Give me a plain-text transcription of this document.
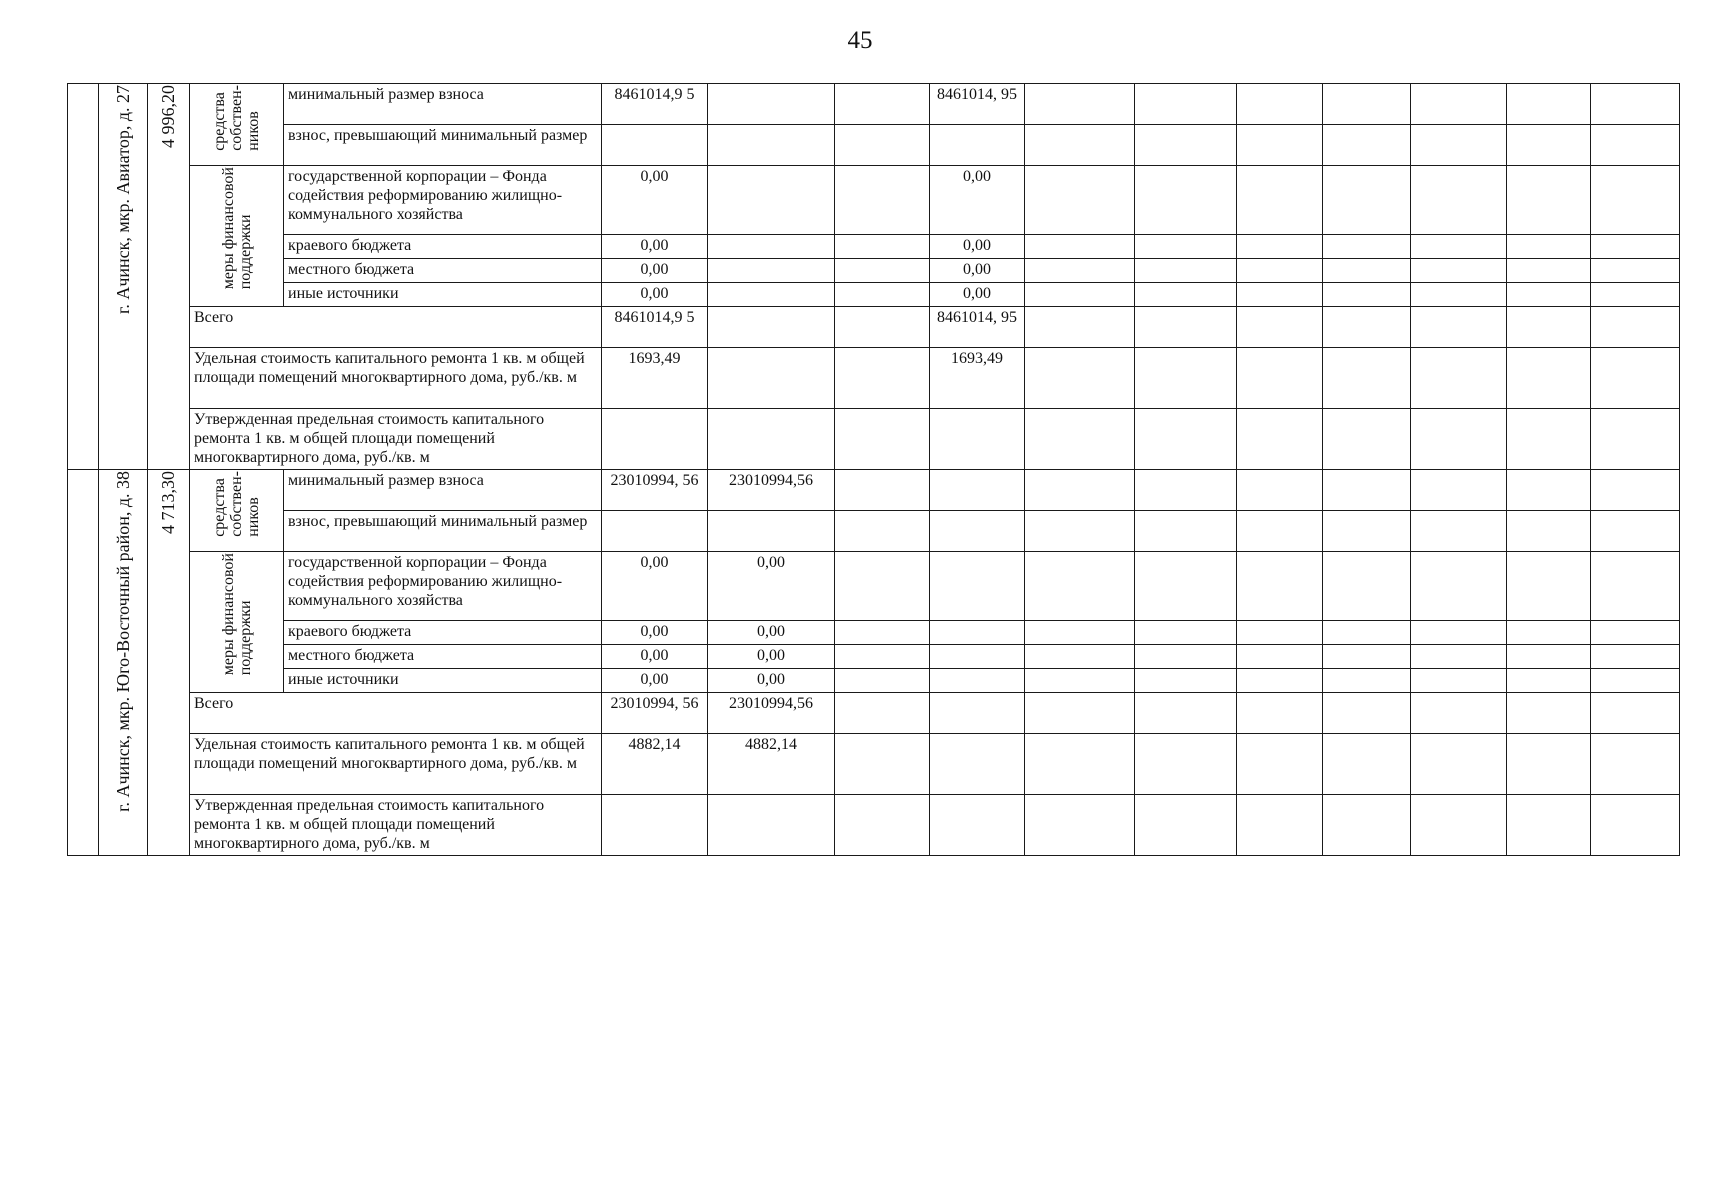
45
	г. Ачинск, мкр. Авиатор, д. 27	4 996,20	средства собствен- ников	минимальный размер взноса	8461014,9 5			8461014, 95							
				взнос, превышающий минимальный размер											

			меры финансовой поддержки	государственной корпорации – Фонда содействия реформированию жилищно-коммунального хозяйства	0,00			0,00							
				краевого бюджета	0,00			0,00							
				местного бюджета	0,00			0,00							
				иные источники	0,00			0,00							
			Всего		8461014,9 5			8461014, 95							
			Удельная стоимость капитального ремонта 1 кв. м общей площади помещений многоквартирного дома, руб./кв. м		1693,49			1693,49							
			Утвержденная предельная стоимость капитального ремонта 1 кв. м общей площади помещений многоквартирного дома, руб./кв. м												
	г. Ачинск, мкр. Юго-Восточный район, д. 38	4 713,30	средства собствен- ников	минимальный размер взноса	23010994, 56	23010994,56									
				взнос, превышающий минимальный размер											

			меры финансовой поддержки	государственной корпорации – Фонда содействия реформированию жилищно-коммунального хозяйства	0,00	0,00									
				краевого бюджета	0,00	0,00									
				местного бюджета	0,00	0,00									
				иные источники	0,00	0,00									
			Всего		23010994, 56	23010994,56									
			Удельная стоимость капитального ремонта 1 кв. м общей площади помещений многоквартирного дома, руб./кв. м		4882,14	4882,14									
			Утвержденная предельная стоимость капитального ремонта 1 кв. м общей площади помещений многоквартирного дома, руб./кв. м												
